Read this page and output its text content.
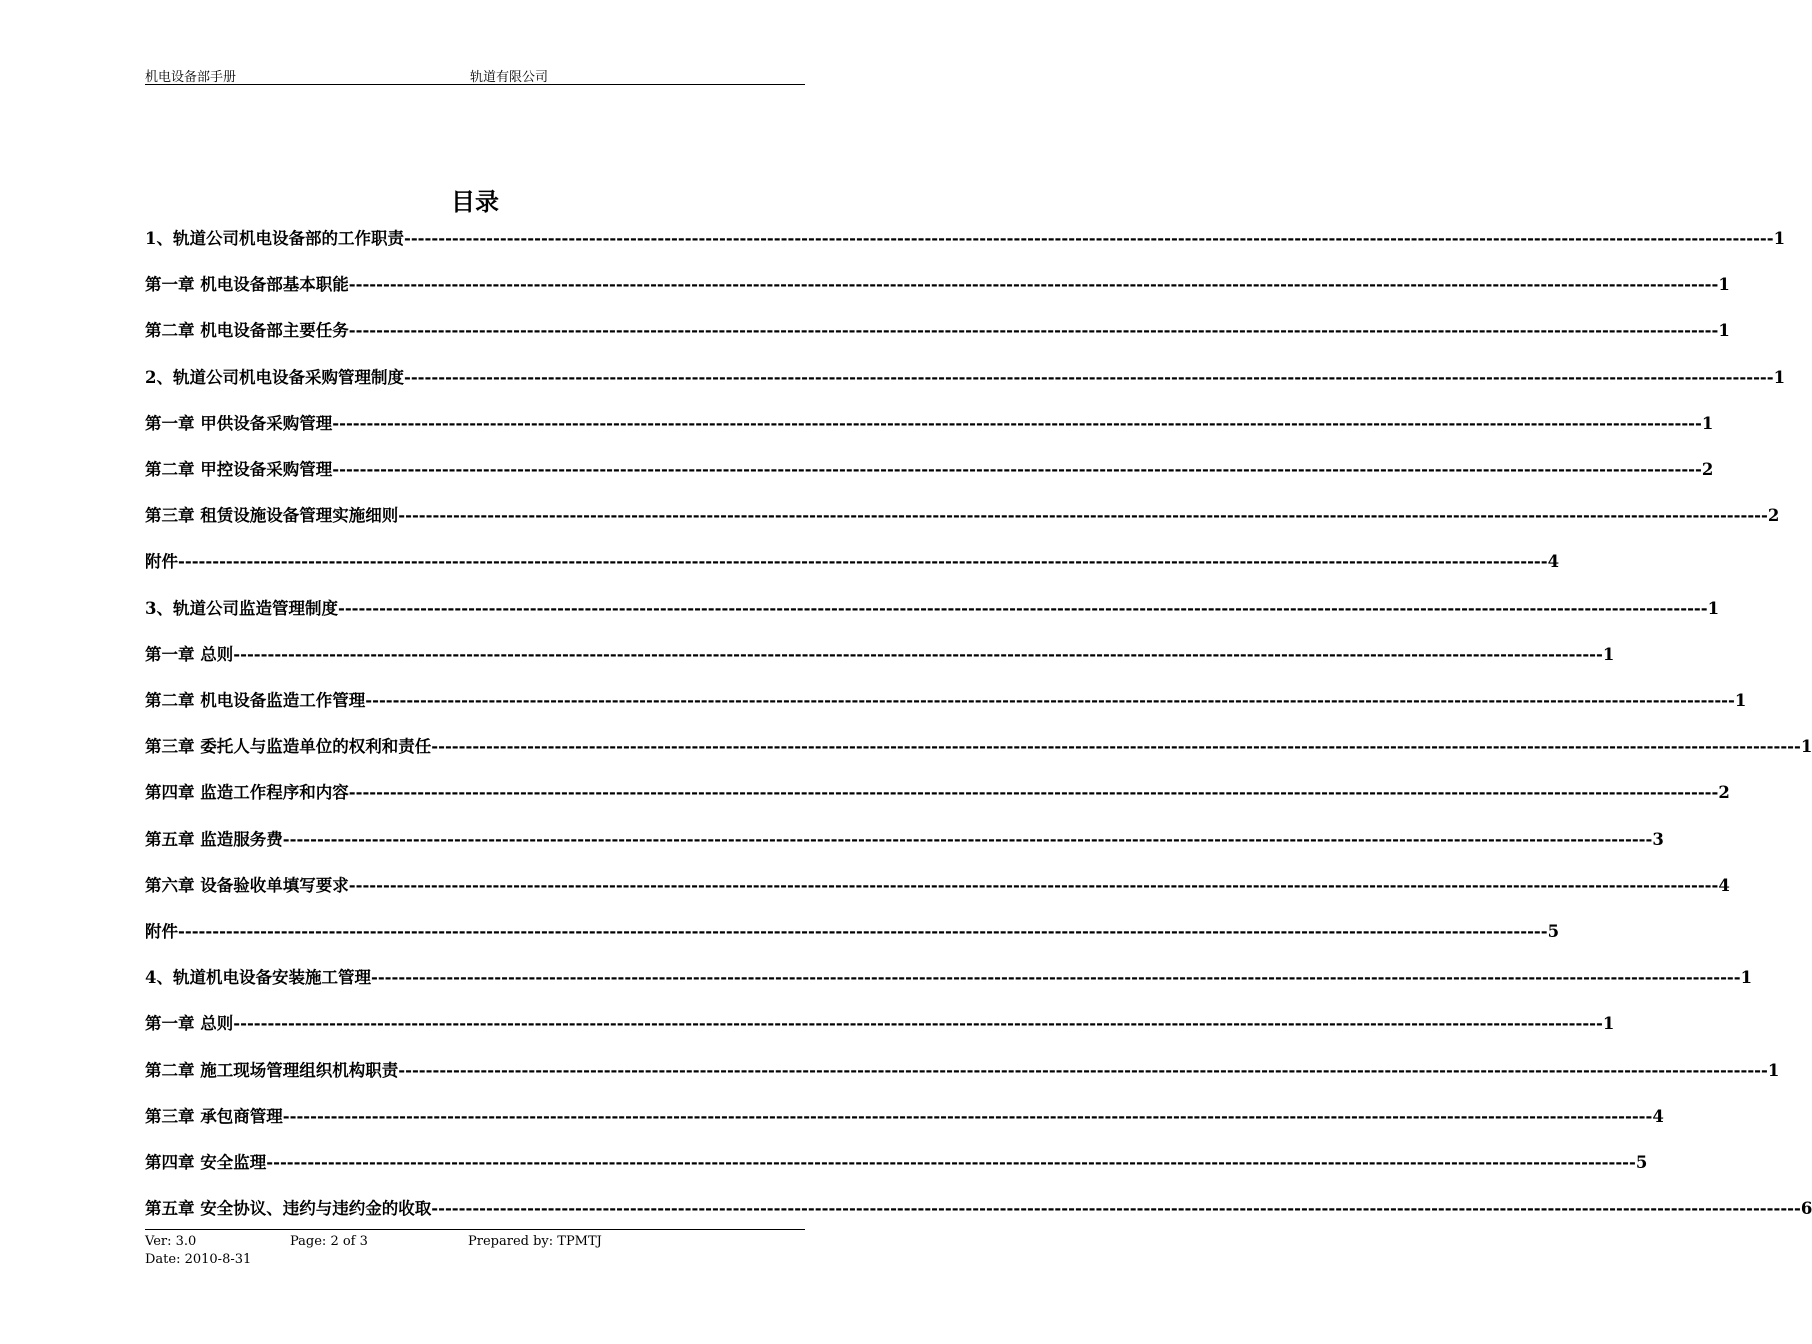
机电设备部手册	轨道有限公司
目录
1、轨道公司机电设备部的工作职责 -------------------------------------------------------------------------------------------------------------------------------------------------------------------------------------------------------- 1
第一章 机电设备部基本职能 -------------------------------------------------------------------------------------------------------------------------------------------------------------------------------------------------------- 1
第二章 机电设备部主要任务 -------------------------------------------------------------------------------------------------------------------------------------------------------------------------------------------------------- 1
2、轨道公司机电设备采购管理制度 -------------------------------------------------------------------------------------------------------------------------------------------------------------------------------------------------------- 1
第一章 甲供设备采购管理 -------------------------------------------------------------------------------------------------------------------------------------------------------------------------------------------------------- 1
第二章 甲控设备采购管理 -------------------------------------------------------------------------------------------------------------------------------------------------------------------------------------------------------- 2
第三章 租赁设施设备管理实施细则 -------------------------------------------------------------------------------------------------------------------------------------------------------------------------------------------------------- 2
附件 -------------------------------------------------------------------------------------------------------------------------------------------------------------------------------------------------------- 4
3、轨道公司监造管理制度 -------------------------------------------------------------------------------------------------------------------------------------------------------------------------------------------------------- 1
第一章 总则 -------------------------------------------------------------------------------------------------------------------------------------------------------------------------------------------------------- 1
第二章 机电设备监造工作管理 -------------------------------------------------------------------------------------------------------------------------------------------------------------------------------------------------------- 1
第三章 委托人与监造单位的权利和责任 -------------------------------------------------------------------------------------------------------------------------------------------------------------------------------------------------------- 1
第四章 监造工作程序和内容 -------------------------------------------------------------------------------------------------------------------------------------------------------------------------------------------------------- 2
第五章 监造服务费 -------------------------------------------------------------------------------------------------------------------------------------------------------------------------------------------------------- 3
第六章 设备验收单填写要求 -------------------------------------------------------------------------------------------------------------------------------------------------------------------------------------------------------- 4
附件 -------------------------------------------------------------------------------------------------------------------------------------------------------------------------------------------------------- 5
4、轨道机电设备安装施工管理 -------------------------------------------------------------------------------------------------------------------------------------------------------------------------------------------------------- 1
第一章 总则 -------------------------------------------------------------------------------------------------------------------------------------------------------------------------------------------------------- 1
第二章 施工现场管理组织机构职责 -------------------------------------------------------------------------------------------------------------------------------------------------------------------------------------------------------- 1
第三章 承包商管理 -------------------------------------------------------------------------------------------------------------------------------------------------------------------------------------------------------- 4
第四章 安全监理 -------------------------------------------------------------------------------------------------------------------------------------------------------------------------------------------------------- 5
第五章 安全协议、违约与违约金的收取 -------------------------------------------------------------------------------------------------------------------------------------------------------------------------------------------------------- 6
Ver: 3.0	Page: 2 of 3	Prepared by: TPMTJ
Date: 2010-8-31
